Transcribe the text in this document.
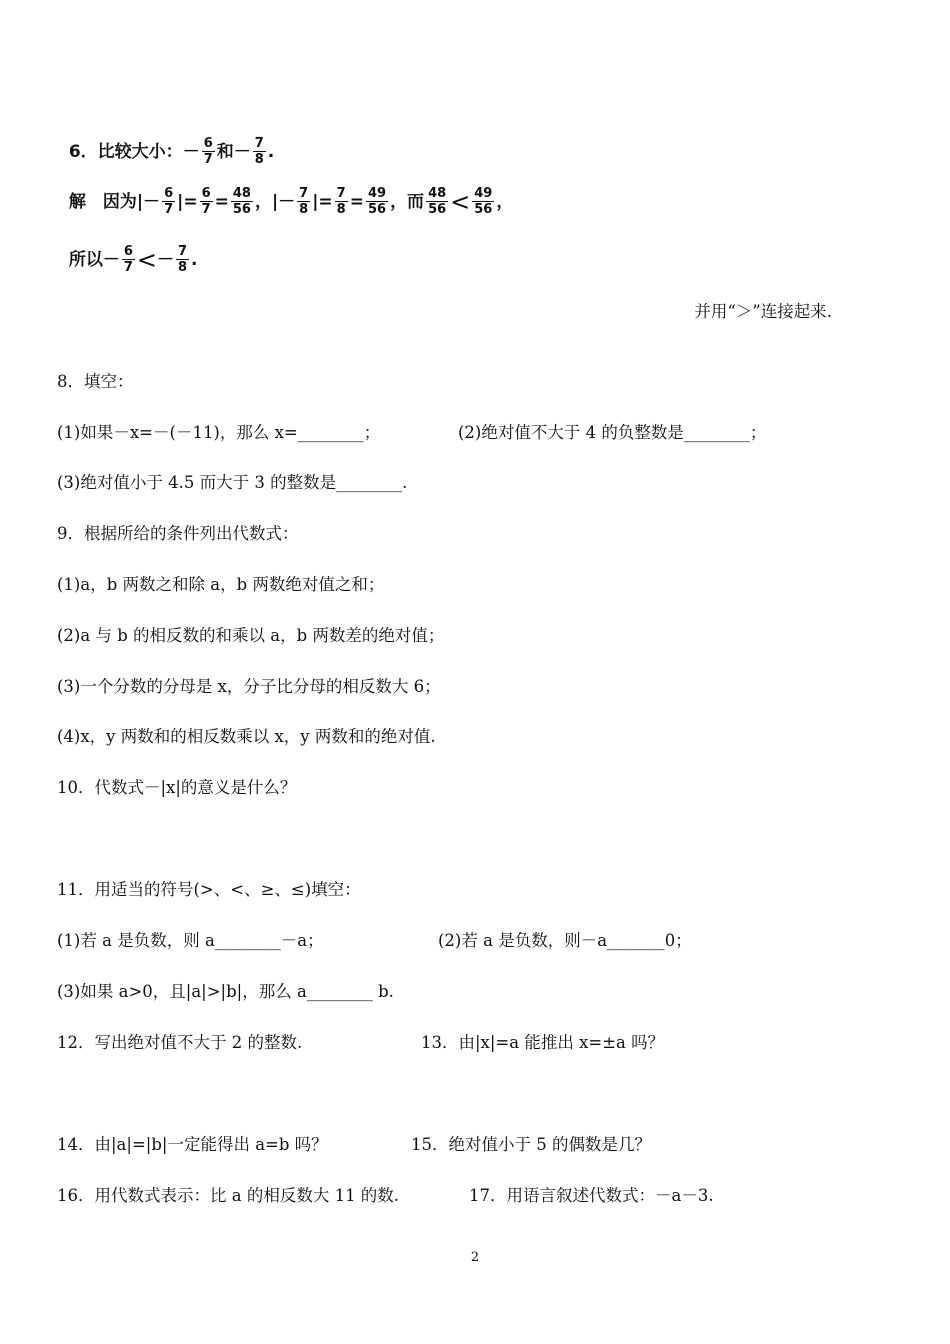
6．比较大小：－ $\frac{6}{7}$ 和－ $\frac{7}{8}$ .

解　因为|－ $\frac{6}{7}$ |= $\frac{6}{7} = \frac{48}{56}$ ，|－ $\frac{7}{8}$ |= $\frac{7}{8} = \frac{49}{56}$ ，而 $\frac{48}{56} < \frac{49}{56}$ ，

所以－ $\frac{6}{7} <- \frac{7}{8}$ .

并用“＞”连接起来.
8．填空：
(1)如果－x=－(－11)，那么 x=________；	(2)绝对值不大于 4 的负整数是________；
(3)绝对值小于 4.5 而大于 3 的整数是________.
9．根据所给的条件列出代数式：
(1)a，b 两数之和除 a，b 两数绝对值之和；
(2)a 与 b 的相反数的和乘以 a，b 两数差的绝对值；
(3)一个分数的分母是 x，分子比分母的相反数大 6；
(4)x，y 两数和的相反数乘以 x，y 两数和的绝对值.
10．代数式－|x|的意义是什么？
11．用适当的符号(>、<、≥、≤)填空：
(1)若 a 是负数，则 a________－a；	(2)若 a 是负数，则－a_______0；
(3)如果 a>0，且|a|>|b|，那么 a________ b.
12．写出绝对值不大于 2 的整数.	13．由|x|=a 能推出 x=±a 吗？
14．由|a|=|b|一定能得出 a=b 吗？	15．绝对值小于 5 的偶数是几？
16．用代数式表示：比 a 的相反数大 11 的数.	17．用语言叙述代数式：－a－3.
2
